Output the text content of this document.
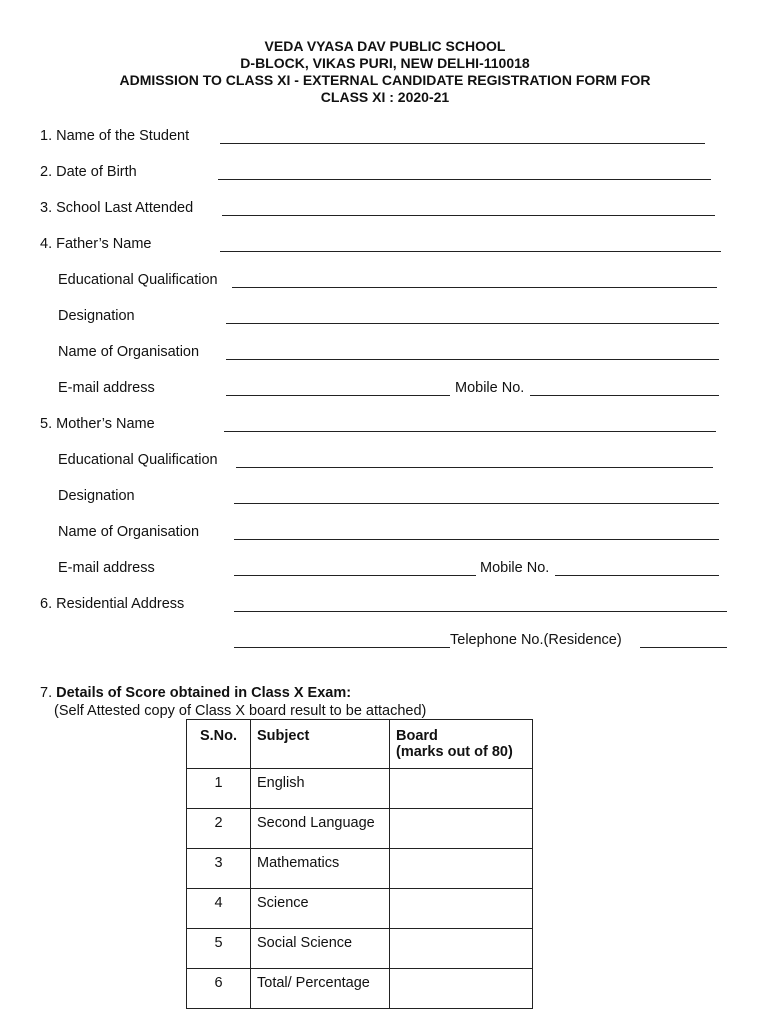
VEDA VYASA DAV PUBLIC SCHOOL
D-BLOCK, VIKAS PURI, NEW DELHI-110018
ADMISSION TO CLASS XI - EXTERNAL CANDIDATE REGISTRATION FORM FOR
CLASS XI : 2020-21
1. Name of the Student
2. Date of Birth
3. School Last Attended
4. Father’s Name
Educational Qualification
Designation
Name of Organisation
E-mail address	Mobile No.
5. Mother’s Name
Educational Qualification
Designation
Name of Organisation
E-mail address	Mobile No.
6. Residential Address
Telephone No.(Residence)
7. Details of Score obtained in Class X Exam:
(Self Attested copy of Class X board result to be attached)
S.No.	Subject	Board
(marks out of 80)

1	English	
2	Second Language	
3	Mathematics	
4	Science	
5	Social Science	
6	Total/ Percentage	
